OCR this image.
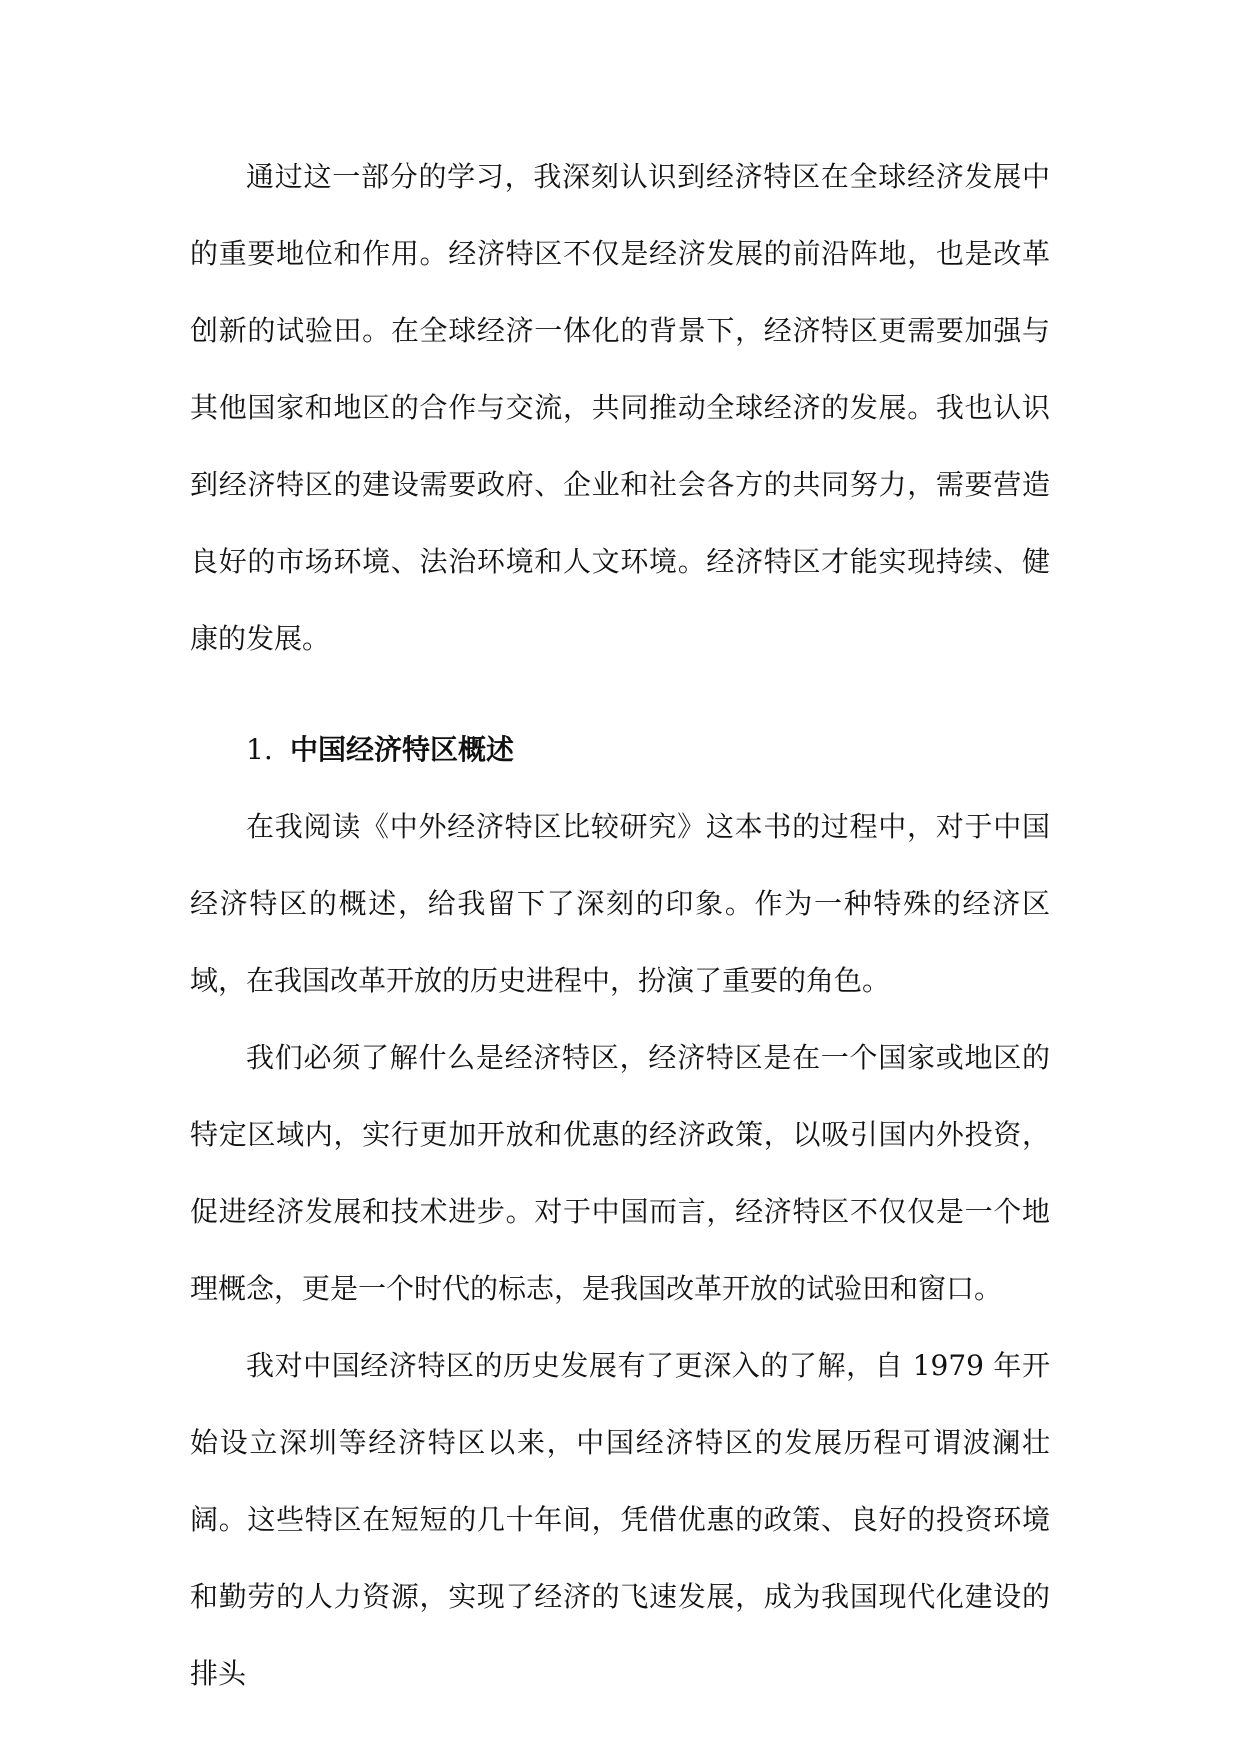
通过这一部分的学习，我深刻认识到经济特区在全球经济发展中的重要地位和作用。经济特区不仅是经济发展的前沿阵地，也是改革创新的试验田。在全球经济一体化的背景下，经济特区更需要加强与其他国家和地区的合作与交流，共同推动全球经济的发展。我也认识到经济特区的建设需要政府、企业和社会各方的共同努力，需要营造良好的市场环境、法治环境和人文环境。经济特区才能实现持续、健康的发展。

1. 中国经济特区概述

在我阅读《中外经济特区比较研究》这本书的过程中，对于中国经济特区的概述，给我留下了深刻的印象。作为一种特殊的经济区域，在我国改革开放的历史进程中，扮演了重要的角色。

我们必须了解什么是经济特区，经济特区是在一个国家或地区的特定区域内，实行更加开放和优惠的经济政策，以吸引国内外投资，促进经济发展和技术进步。对于中国而言，经济特区不仅仅是一个地理概念，更是一个时代的标志，是我国改革开放的试验田和窗口。

我对中国经济特区的历史发展有了更深入的了解，自 1979 年开始设立深圳等经济特区以来，中国经济特区的发展历程可谓波澜壮阔。这些特区在短短的几十年间，凭借优惠的政策、良好的投资环境和勤劳的人力资源，实现了经济的飞速发展，成为我国现代化建设的排头
